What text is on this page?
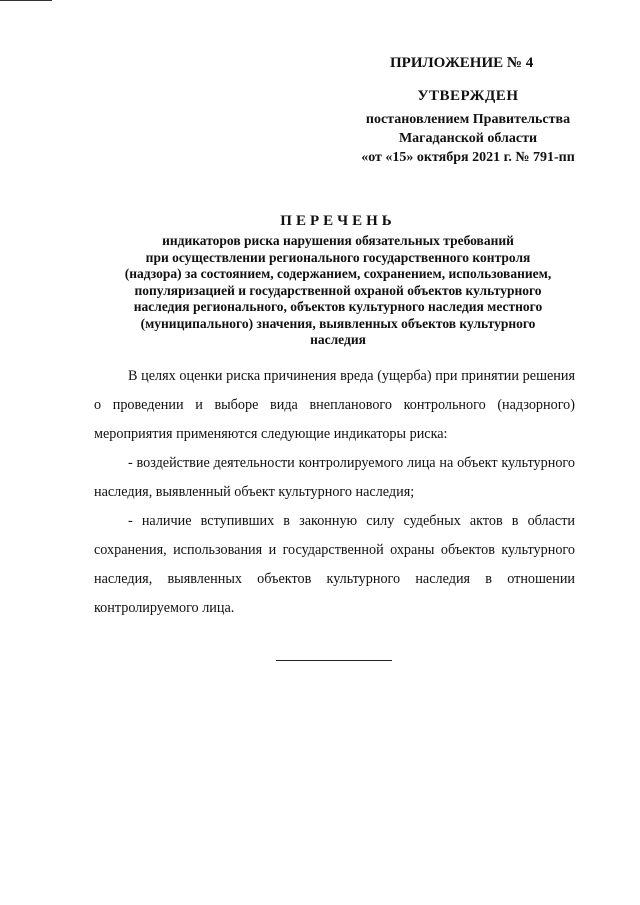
ПРИЛОЖЕНИЕ № 4
УТВЕРЖДЕН
постановлением Правительства
Магаданской области
«от «15» октября 2021 г. № 791-пп
ПЕРЕЧЕНЬ
индикаторов риска нарушения обязательных требований
при осуществлении регионального государственного контроля
(надзора) за состоянием, содержанием, сохранением, использованием,
популяризацией и государственной охраной объектов культурного
наследия регионального, объектов культурного наследия местного
(муниципального) значения, выявленных объектов культурного
наследия

В целях оценки риска причинения вреда (ущерба) при принятии решения о проведении и выборе вида внепланового контрольного (надзорного) мероприятия применяются следующие индикаторы риска:

- воздействие деятельности контролируемого лица на объект культурного наследия, выявленный объект культурного наследия;

- наличие вступивших в законную силу судебных актов в области сохранения, использования и государственной охраны объектов культурного наследия, выявленных объектов культурного наследия в отношении контролируемого лица.
